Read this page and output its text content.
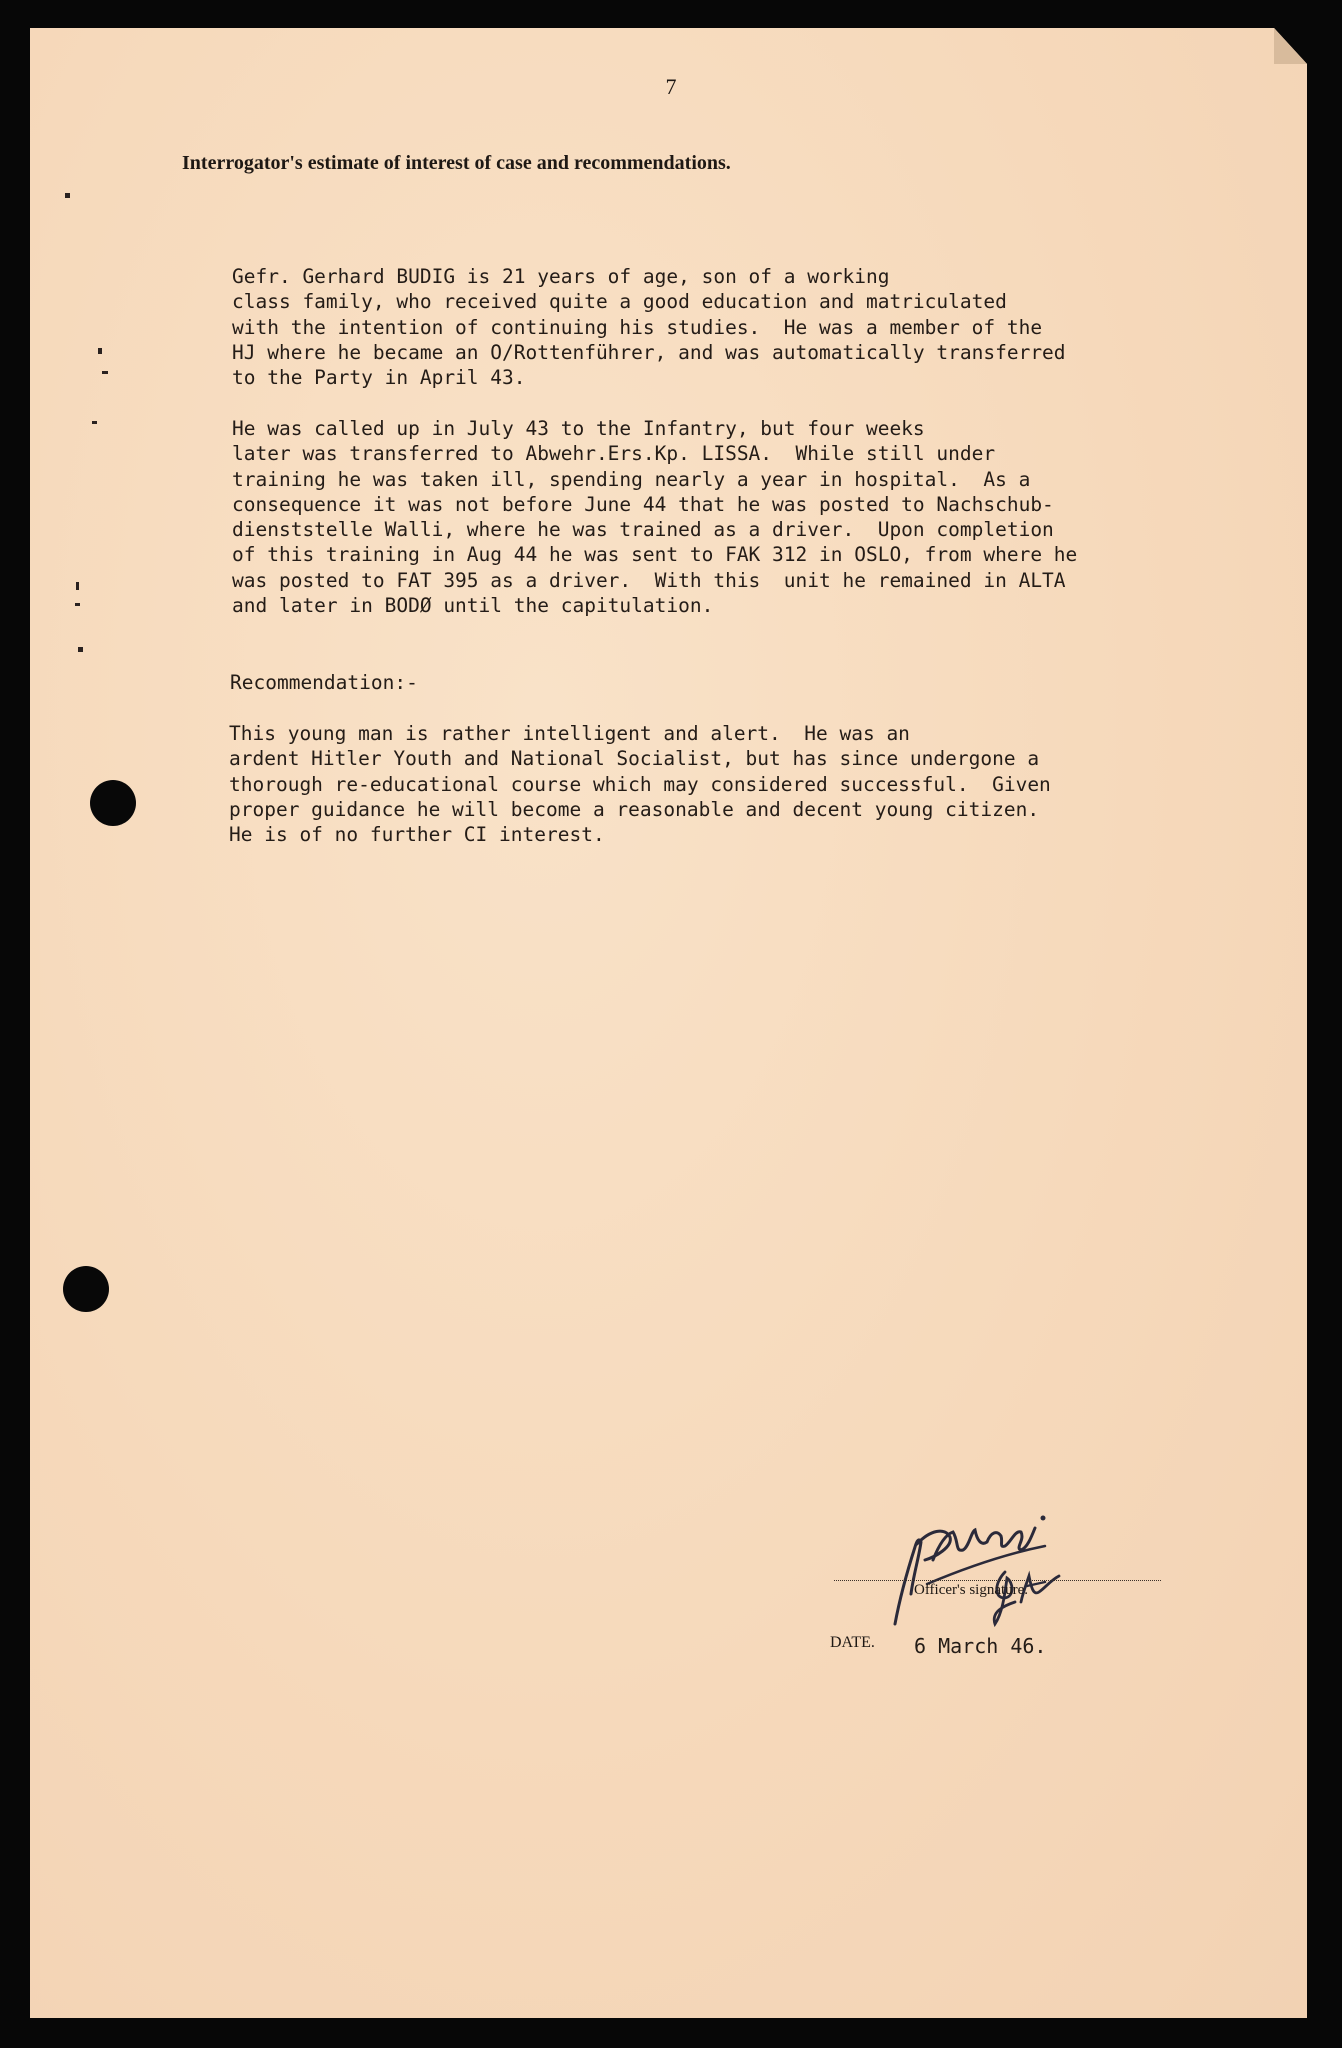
7
Interrogator's estimate of interest of case and recommendations.

Gefr. Gerhard BUDIG is 21 years of age, son of a working
class family, who received quite a good education and matriculated
with the intention of continuing his studies.  He was a member of the
HJ where he became an O/Rottenführer, and was automatically transferred
to the Party in April 43.

He was called up in July 43 to the Infantry, but four weeks
later was transferred to Abwehr.Ers.Kp. LISSA.  While still under
training he was taken ill, spending nearly a year in hospital.  As a
consequence it was not before June 44 that he was posted to Nachschub-
dienststelle Walli, where he was trained as a driver.  Upon completion
of this training in Aug 44 he was sent to FAK 312 in OSLO, from where he
was posted to FAT 395 as a driver.  With this  unit he remained in ALTA
and later in BODØ until the capitulation.

Recommendation:-

This young man is rather intelligent and alert.  He was an
ardent Hitler Youth and National Socialist, but has since undergone a
thorough re-educational course which may considered successful.  Given
proper guidance he will become a reasonable and decent young citizen.
He is of no further CI interest.

Officer's signature.
DATE. 6 March 46.
